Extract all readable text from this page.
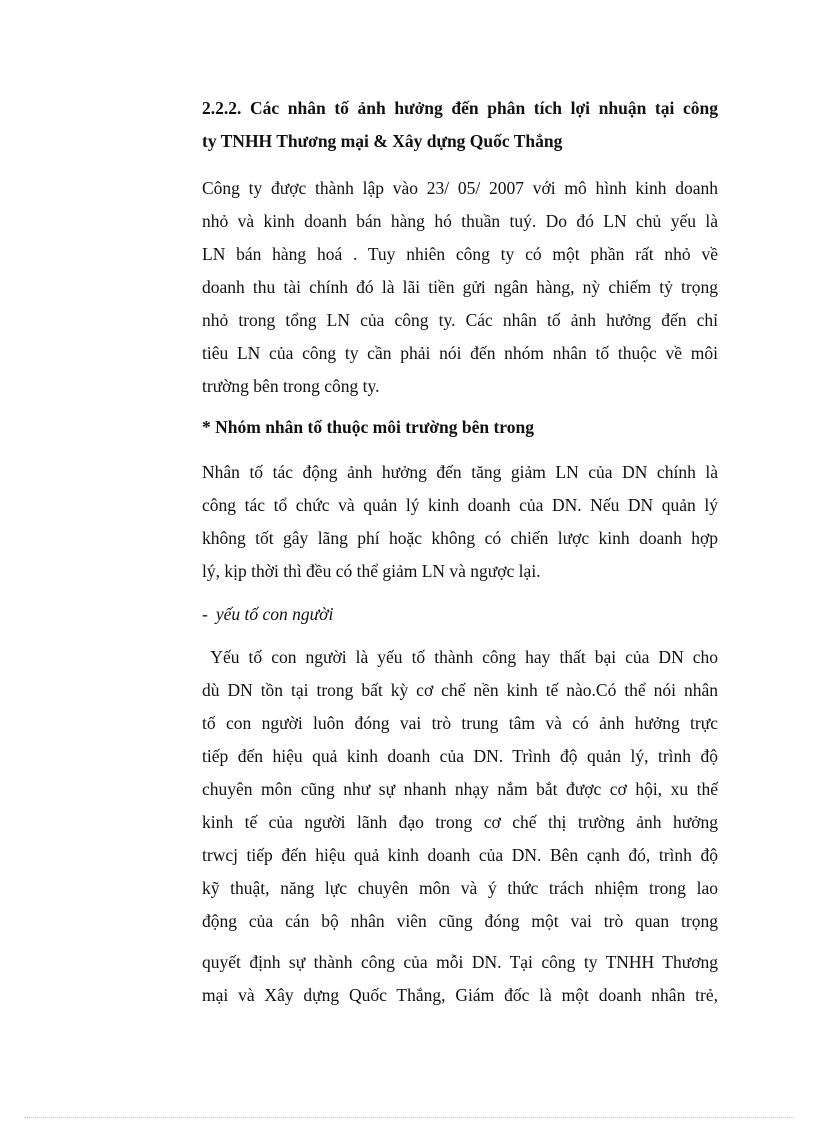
2.2.2. Các nhân tố ảnh hưởng đến phân tích lợi nhuận tại công
ty TNHH Thương mại & Xây dựng Quốc Thắng
Công ty được thành lập vào 23/ 05/ 2007 với mô hình kinh doanh
nhỏ và kinh doanh bán hàng hó thuần tuý. Do đó LN chủ yếu là
LN bán hàng hoá . Tuy nhiên công ty có một phần rất nhỏ về
doanh thu tài chính đó là lãi tiền gửi ngân hàng, nỳ chiếm tỷ trọng
nhỏ trong tổng LN của công ty. Các nhân tố ảnh hưởng đến chỉ
tiêu LN của công ty cần phải nói đến nhóm nhân tố thuộc về môi
trường bên trong công ty.
* Nhóm nhân tố thuộc môi trường bên trong
Nhân tố tác động ảnh hưởng đến tăng giảm LN của DN chính là
công tác tổ chức và quản lý kinh doanh của DN. Nếu DN quản lý
không tốt gây lãng phí hoặc không có chiến lược kinh doanh hợp
lý, kịp thời thì đều có thể giảm LN và ngược lại.
- yếu tố con người
Yếu tố con người là yếu tố thành công hay thất bại của DN cho
dù DN tồn tại trong bất kỳ cơ chế nền kinh tế nào.Có thể nói nhân
tố con người luôn đóng vai trò trung tâm và có ảnh hưởng trực
tiếp đến hiệu quả kinh doanh của DN. Trình độ quản lý, trình độ
chuyên môn cũng như sự nhanh nhạy nắm bắt được cơ hội, xu thế
kinh tế của người lãnh đạo trong cơ chế thị trường ảnh hưởng
trwcj tiếp đến hiệu quả kinh doanh của DN. Bên cạnh đó, trình độ
kỹ thuật, năng lực chuyên môn và ý thức trách nhiệm trong lao
động của cán bộ nhân viên cũng đóng một vai trò quan trọng
quyết định sự thành công của mỗi DN. Tại công ty TNHH Thương
mại và Xây dựng Quốc Thắng, Giám đốc là một doanh nhân trẻ,
